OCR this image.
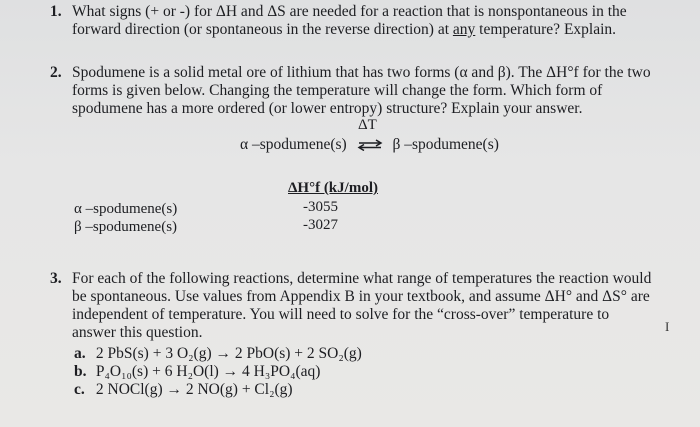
1. What signs (+ or -) for ΔH and ΔS are needed for a reaction that is nonspontaneous in the
forward direction (or spontaneous in the reverse direction) at any temperature? Explain.
2. Spodumene is a solid metal ore of lithium that has two forms (α and β). The ΔH°f for the two
forms is given below. Changing the temperature will change the form. Which form of
spodumene has a more ordered (or lower entropy) structure? Explain your answer.
ΔT
α –spodumene(s) ⇌ β –spodumene(s)
ΔH°f (kJ/mol)
α –spodumene(s)
β –spodumene(s)
-3055
-3027
3. For each of the following reactions, determine what range of temperatures the reaction would
be spontaneous. Use values from Appendix B in your textbook, and assume ΔH° and ΔS° are
independent of temperature. You will need to solve for the “cross-over” temperature to
answer this question.
a. 2 PbS(s) + 3 O₂(g) → 2 PbO(s) + 2 SO₂(g)
b. P₄O₁₀(s) + 6 H₂O(l) → 4 H₃PO₄(aq)
c. 2 NOCl(g) → 2 NO(g) + Cl₂(g)
I
